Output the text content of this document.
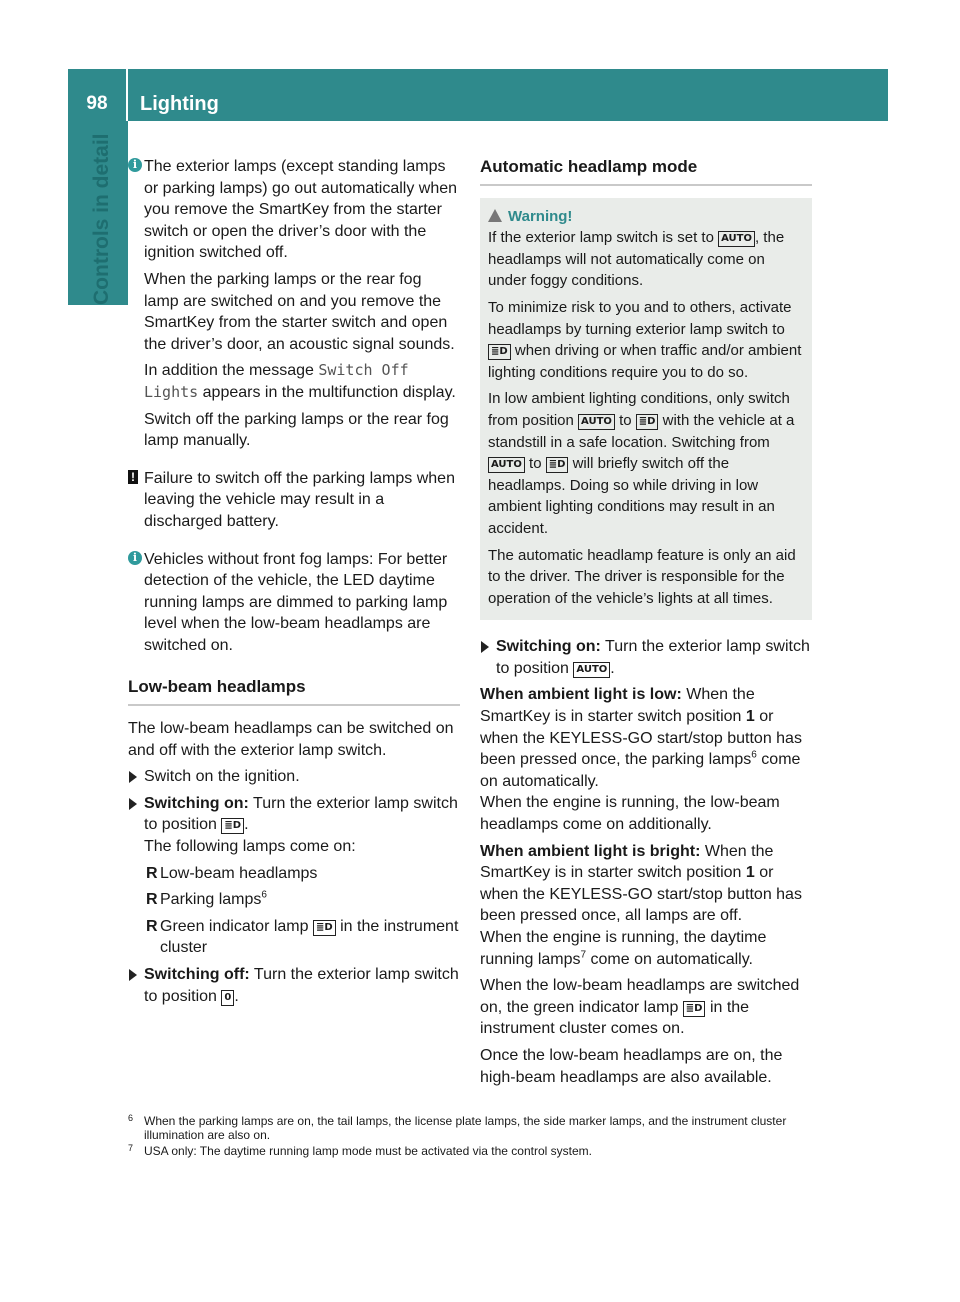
98	Lighting
Controls in detail	i The exterior lamps (except standing lamps or parking lamps) go out automatically when you remove the SmartKey from the starter switch or open the driver’s door with the ignition switched off.

When the parking lamps or the rear fog lamp are switched on and you remove the SmartKey from the starter switch and open the driver’s door, an acoustic signal sounds.

In addition the message Switch Off
Lights appears in the multifunction display.

Switch off the parking lamps or the rear fog lamp manually.

! Failure to switch off the parking lamps when leaving the vehicle may result in a discharged battery.

i Vehicles without front fog lamps: For better detection of the vehicle, the LED daytime running lamps are dimmed to parking lamp level when the low-beam headlamps are switched on.

Low-beam headlamps

The low-beam headlamps can be switched on and off with the exterior lamp switch.

Switch on the ignition.
Switching on: Turn the exterior lamp switch to position ≣D .
The following lamps come on:
R Low-beam headlamps
R Parking lamps$^6$
R Green indicator lamp ≣D in the instrument cluster
Switching off: Turn the exterior lamp switch to position 0 .
Automatic headlamp mode
Warning!

If the exterior lamp switch is set to AUTO , the headlamps will not automatically come on under foggy conditions.

To minimize risk to you and to others, activate headlamps by turning exterior lamp switch to ≣D when driving or when traffic and/or ambient lighting conditions require you to do so.

In low ambient lighting conditions, only switch from position AUTO to ≣D with the vehicle at a standstill in a safe location. Switching from AUTO to ≣D will briefly switch off the headlamps. Doing so while driving in low ambient lighting conditions may result in an accident.

The automatic headlamp feature is only an aid to the driver. The driver is responsible for the operation of the vehicle’s lights at all times.

Switching on: Turn the exterior lamp switch to position AUTO .

When ambient light is low: When the SmartKey is in starter switch position 1 or when the KEYLESS-GO start/stop button has been pressed once, the parking lamps$^6$ come on automatically.
When the engine is running, the low-beam headlamps come on additionally.

When ambient light is bright: When the SmartKey is in starter switch position 1 or when the KEYLESS-GO start/stop button has been pressed once, all lamps are off.
When the engine is running, the daytime running lamps$^7$ come on automatically.

When the low-beam headlamps are switched on, the green indicator lamp ≣D in the instrument cluster comes on.

Once the low-beam headlamps are on, the high-beam headlamps are also available.

6 When the parking lamps are on, the tail lamps, the license plate lamps, the side marker lamps, and the instrument cluster illumination are also on.
7 USA only: The daytime running lamp mode must be activated via the control system.
